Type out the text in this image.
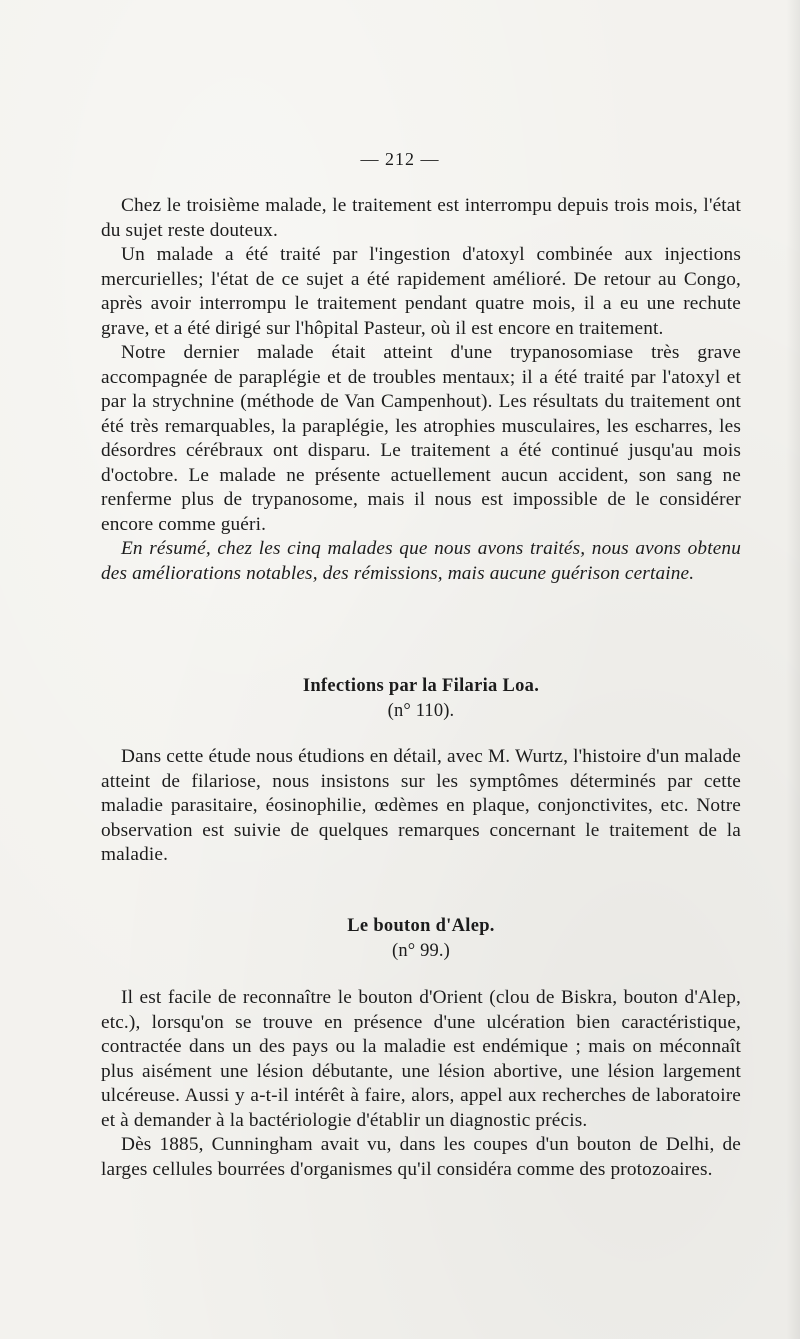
— 212 —

Chez le troisième malade, le traitement est interrompu depuis trois mois, l'état du sujet reste douteux.

Un malade a été traité par l'ingestion d'atoxyl combinée aux injections mercurielles; l'état de ce sujet a été rapidement amélioré. De retour au Congo, après avoir interrompu le traitement pendant quatre mois, il a eu une rechute grave, et a été dirigé sur l'hôpital Pasteur, où il est encore en traitement.

Notre dernier malade était atteint d'une trypanosomiase très grave accompagnée de paraplégie et de troubles mentaux; il a été traité par l'atoxyl et par la strychnine (méthode de Van Campenhout). Les résultats du traitement ont été très remarquables, la paraplégie, les atrophies musculaires, les escharres, les désordres cérébraux ont disparu. Le traitement a été continué jusqu'au mois d'octobre. Le malade ne présente actuellement aucun accident, son sang ne renferme plus de trypanosome, mais il nous est impossible de le considérer encore comme guéri.

En résumé, chez les cinq malades que nous avons traités, nous avons obtenu des améliorations notables, des rémissions, mais aucune guérison certaine.

Infections par la Filaria Loa.

(n° 110).

Dans cette étude nous étudions en détail, avec M. Wurtz, l'histoire d'un malade atteint de filariose, nous insistons sur les symptômes déterminés par cette maladie parasitaire, éosinophilie, œdèmes en plaque, conjonctivites, etc. Notre observation est suivie de quelques remarques concernant le traitement de la maladie.

Le bouton d'Alep.

(n° 99.)

Il est facile de reconnaître le bouton d'Orient (clou de Biskra, bouton d'Alep, etc.), lorsqu'on se trouve en présence d'une ulcération bien caractéristique, contractée dans un des pays ou la maladie est endémique ; mais on méconnaît plus aisément une lésion débutante, une lésion abortive, une lésion largement ulcéreuse. Aussi y a-t-il intérêt à faire, alors, appel aux recherches de laboratoire et à demander à la bactériologie d'établir un diagnostic précis.

Dès 1885, Cunningham avait vu, dans les coupes d'un bouton de Delhi, de larges cellules bourrées d'organismes qu'il considéra comme des protozoaires.
